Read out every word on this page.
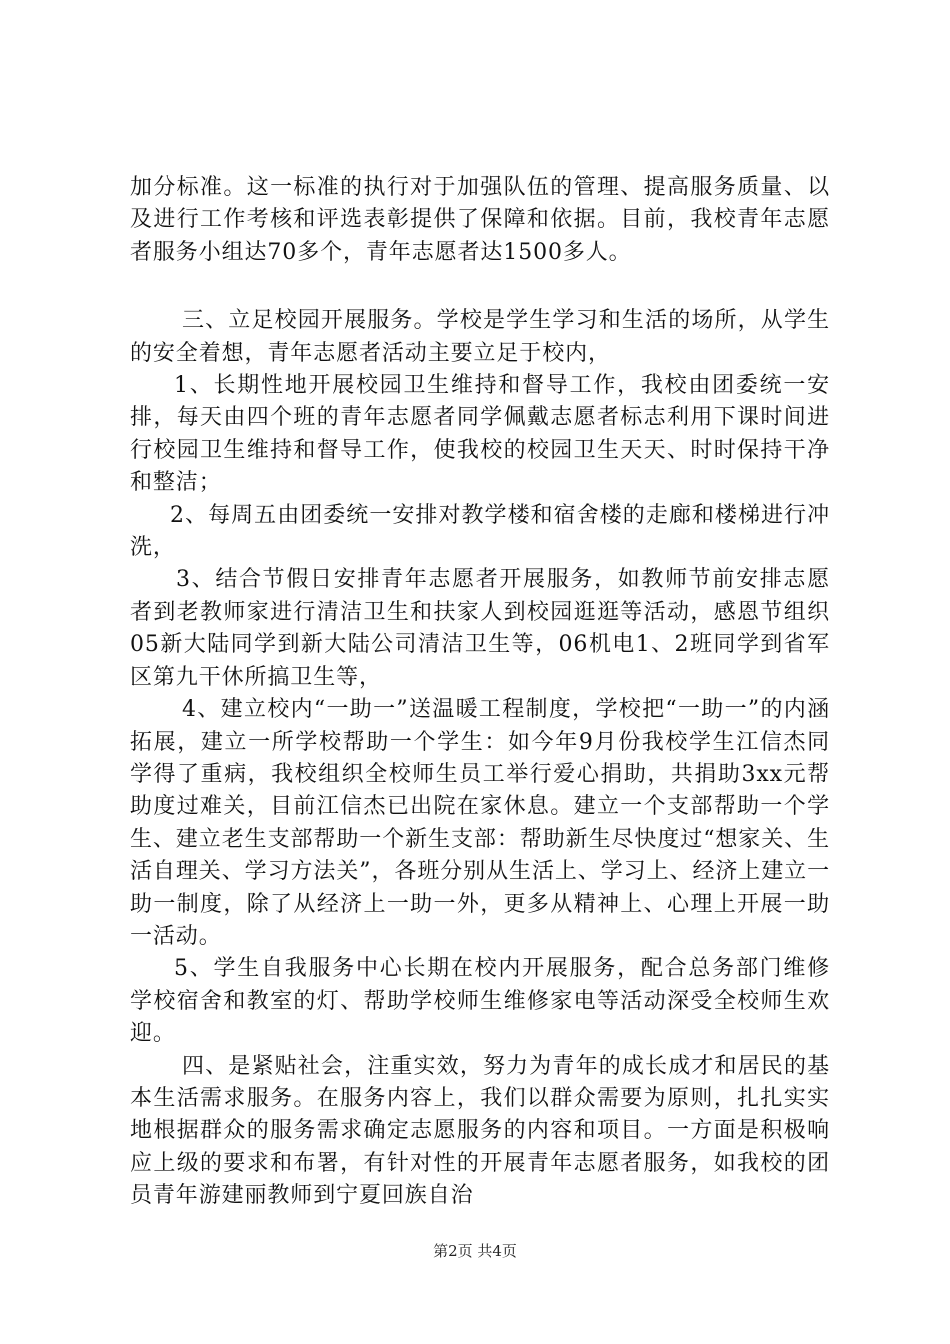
加分标准。这一标准的执行对于加强队伍的管理、提高服务质量、以及进行工作考核和评选表彰提供了保障和依据。目前，我校青年志愿者服务小组达70多个，青年志愿者达1500多人。

三、立足校园开展服务。学校是学生学习和生活的场所，从学生的安全着想，青年志愿者活动主要立足于校内，

1、长期性地开展校园卫生维持和督导工作，我校由团委统一安排，每天由四个班的青年志愿者同学佩戴志愿者标志利用下课时间进行校园卫生维持和督导工作，使我校的校园卫生天天、时时保持干净和整洁；

2、每周五由团委统一安排对教学楼和宿舍楼的走廊和楼梯进行冲洗，

3、结合节假日安排青年志愿者开展服务，如教师节前安排志愿者到老教师家进行清洁卫生和扶家人到校园逛逛等活动，感恩节组织05新大陆同学到新大陆公司清洁卫生等，06机电1、2班同学到省军区第九干休所搞卫生等，

4、建立校内“一助一”送温暖工程制度，学校把“一助一”的内涵拓展，建立一所学校帮助一个学生：如今年9月份我校学生江信杰同学得了重病，我校组织全校师生员工举行爱心捐助，共捐助3xx元帮助度过难关，目前江信杰已出院在家休息。建立一个支部帮助一个学生、建立老生支部帮助一个新生支部：帮助新生尽快度过“想家关、生活自理关、学习方法关”，各班分别从生活上、学习上、经济上建立一助一制度，除了从经济上一助一外，更多从精神上、心理上开展一助一活动。

5、学生自我服务中心长期在校内开展服务，配合总务部门维修学校宿舍和教室的灯、帮助学校师生维修家电等活动深受全校师生欢迎。

四、是紧贴社会，注重实效，努力为青年的成长成才和居民的基本生活需求服务。在服务内容上，我们以群众需要为原则，扎扎实实地根据群众的服务需求确定志愿服务的内容和项目。一方面是积极响应上级的要求和布署，有针对性的开展青年志愿者服务，如我校的团员青年游建丽教师到宁夏回族自治

第2页 共4页
